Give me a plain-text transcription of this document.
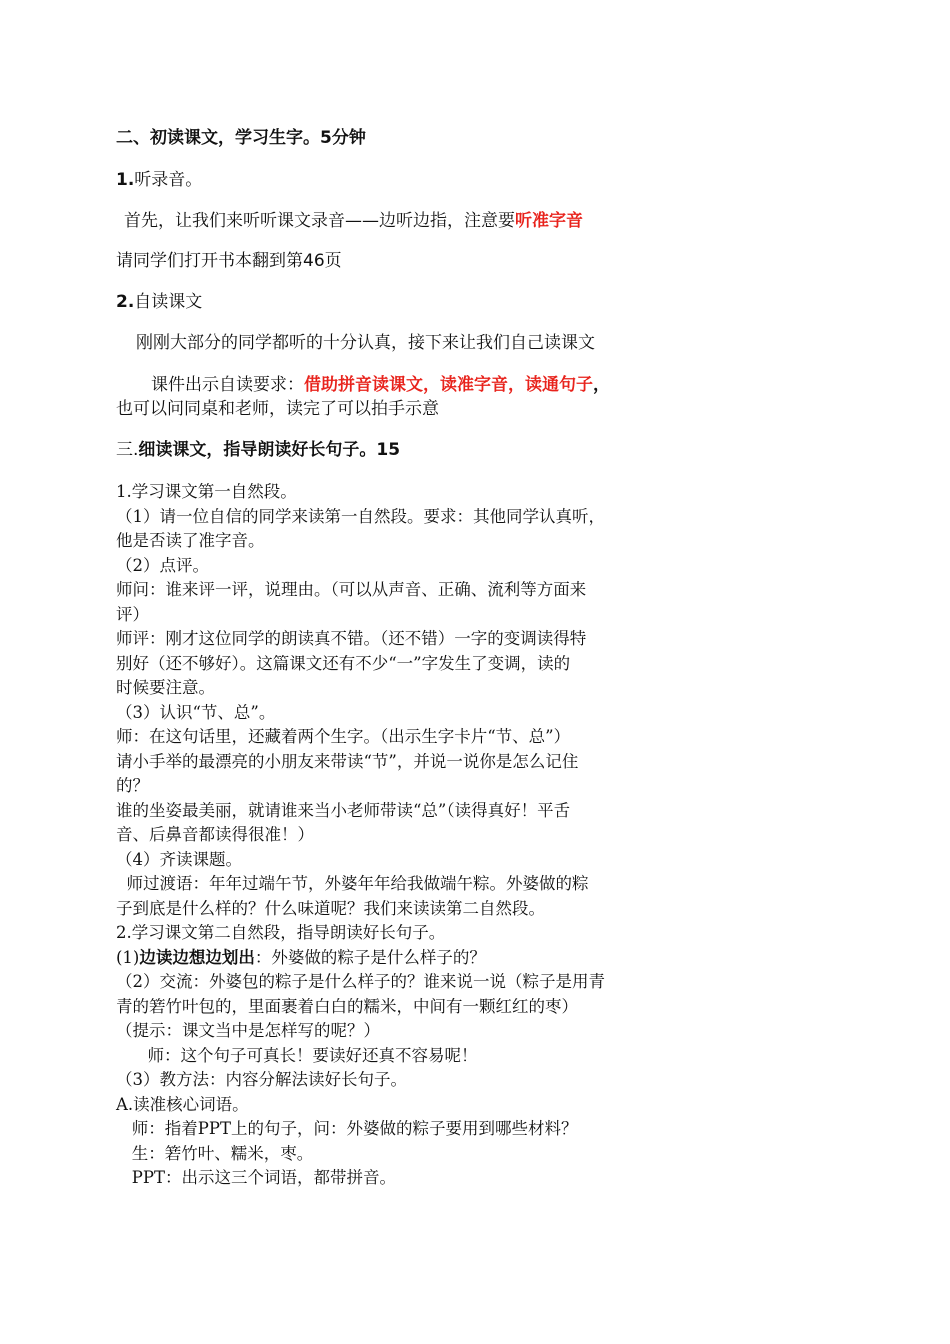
二、初读课文，学习生字。5分钟
1.听录音。
首先，让我们来听听课文录音——边听边指，注意要听准字音
请同学们打开书本翻到第46页
2.自读课文
刚刚大部分的同学都听的十分认真，接下来让我们自己读课文
课件出示自读要求：借助拼音读课文，读准字音，读通句子，
也可以问同桌和老师，读完了可以拍手示意
三.细读课文，指导朗读好长句子。15
1.学习课文第一自然段。
（1）请一位自信的同学来读第一自然段。要求：其他同学认真听，
他是否读了准字音。
（2）点评。
师问：谁来评一评，说理由。（可以从声音、正确、流利等方面来
评）
师评：刚才这位同学的朗读真不错。（还不错）一字的变调读得特
别好（还不够好）。这篇课文还有不少“一”字发生了变调，读的
时候要注意。
（3）认识“节、总”。
师：在这句话里，还藏着两个生字。（出示生字卡片“节、总”）
请小手举的最漂亮的小朋友来带读“节”，并说一说你是怎么记住
的？
谁的坐姿最美丽，就请谁来当小老师带读“总”（读得真好！平舌
音、后鼻音都读得很准！）
（4）齐读课题。
师过渡语：年年过端午节，外婆年年给我做端午粽。外婆做的粽
子到底是什么样的？什么味道呢？我们来读读第二自然段。
2.学习课文第二自然段，指导朗读好长句子。
(1)边读边想边划出：外婆做的粽子是什么样子的？
（2）交流：外婆包的粽子是什么样子的？谁来说一说（粽子是用青
青的箬竹叶包的，里面裹着白白的糯米，中间有一颗红红的枣）
（提示：课文当中是怎样写的呢？）
师：这个句子可真长！要读好还真不容易呢！
（3）教方法：内容分解法读好长句子。
A.读准核心词语。
师：指着PPT上的句子，问：外婆做的粽子要用到哪些材料？
生：箬竹叶、糯米，枣。
PPT：出示这三个词语，都带拼音。
